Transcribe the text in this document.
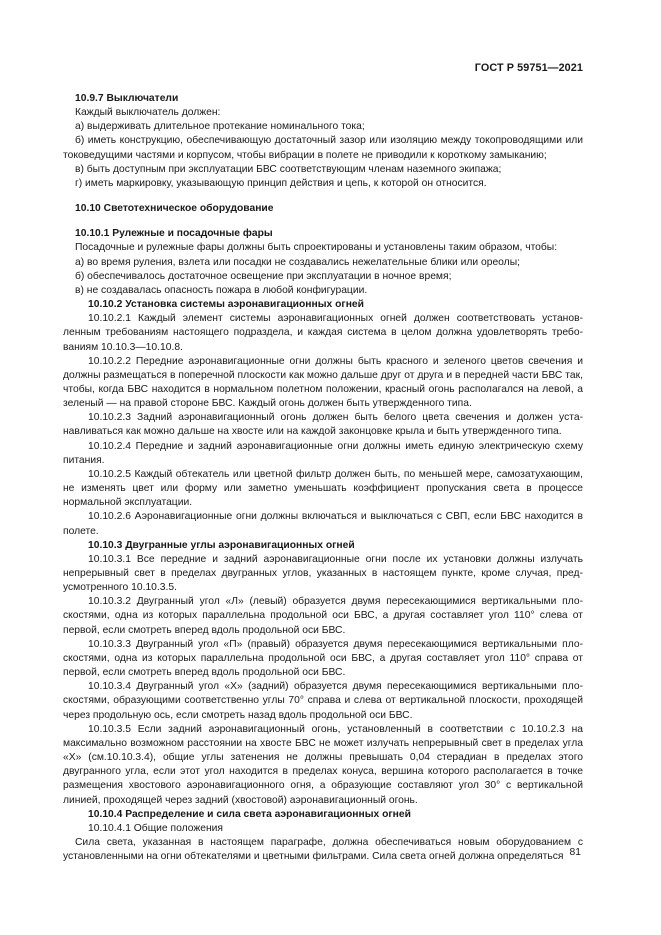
ГОСТ Р 59751—2021

10.9.7 Выключатели

Каждый выключатель должен:

а) выдерживать длительное протекание номинального тока;

б) иметь конструкцию, обеспечивающую достаточный зазор или изоляцию между токопроводящими или токоведущими частями и корпусом, чтобы вибрации в полете не приводили к короткому замыканию;

в) быть доступным при эксплуатации БВС соответствующим членам наземного экипажа;

г) иметь маркировку, указывающую принцип действия и цепь, к которой он относится.

10.10 Светотехническое оборудование

10.10.1 Рулежные и посадочные фары

Посадочные и рулежные фары должны быть спроектированы и установлены таким образом, чтобы:

а) во время руления, взлета или посадки не создавались нежелательные блики или ореолы;

б) обеспечивалось достаточное освещение при эксплуатации в ночное время;

в) не создавалась опасность пожара в любой конфигурации.

10.10.2 Установка системы аэронавигационных огней

10.10.2.1 Каждый элемент системы аэронавигационных огней должен соответствовать установленным требованиям настоящего подраздела, и каждая система в целом должна удовлетворять требованиям 10.10.3—10.10.8.

10.10.2.2 Передние аэронавигационные огни должны быть красного и зеленого цветов свечения и должны размещаться в поперечной плоскости как можно дальше друг от друга и в передней части БВС так, чтобы, когда БВС находится в нормальном полетном положении, красный огонь располагался на левой, а зеленый — на правой стороне БВС. Каждый огонь должен быть утвержденного типа.

10.10.2.3 Задний аэронавигационный огонь должен быть белого цвета свечения и должен устанавливаться как можно дальше на хвосте или на каждой законцовке крыла и быть утвержденного типа.

10.10.2.4 Передние и задний аэронавигационные огни должны иметь единую электрическую схему питания.

10.10.2.5 Каждый обтекатель или цветной фильтр должен быть, по меньшей мере, самозатухающим, не изменять цвет или форму или заметно уменьшать коэффициент пропускания света в процессе нормальной эксплуатации.

10.10.2.6 Аэронавигационные огни должны включаться и выключаться с СВП, если БВС находится в полете.

10.10.3 Двугранные углы аэронавигационных огней

10.10.3.1 Все передние и задний аэронавигационные огни после их установки должны излучать непрерывный свет в пределах двугранных углов, указанных в настоящем пункте, кроме случая, предусмотренного 10.10.3.5.

10.10.3.2 Двугранный угол «Л» (левый) образуется двумя пересекающимися вертикальными плоскостями, одна из которых параллельна продольной оси БВС, а другая составляет угол 110° слева от первой, если смотреть вперед вдоль продольной оси БВС.

10.10.3.3 Двугранный угол «П» (правый) образуется двумя пересекающимися вертикальными плоскостями, одна из которых параллельна продольной оси БВС, а другая составляет угол 110° справа от первой, если смотреть вперед вдоль продольной оси БВС.

10.10.3.4 Двугранный угол «Х» (задний) образуется двумя пересекающимися вертикальными плоскостями, образующими соответственно углы 70° справа и слева от вертикальной плоскости, проходящей через продольную ось, если смотреть назад вдоль продольной оси БВС.

10.10.3.5 Если задний аэронавигационный огонь, установленный в соответствии с 10.10.2.3 на максимально возможном расстоянии на хвосте БВС не может излучать непрерывный свет в пределах угла «Х» (см.10.10.3.4), общие углы затенения не должны превышать 0,04 стерадиан в пределах этого двугранного угла, если этот угол находится в пределах конуса, вершина которого располагается в точке размещения хвостового аэронавигационного огня, а образующие составляют угол 30° с вертикальной линией, проходящей через задний (хвостовой) аэронавигационный огонь.

10.10.4 Распределение и сила света аэронавигационных огней

10.10.4.1 Общие положения

Сила света, указанная в настоящем параграфе, должна обеспечиваться новым оборудованием с установленными на огни обтекателями и цветными фильтрами. Сила света огней должна определяться 81
